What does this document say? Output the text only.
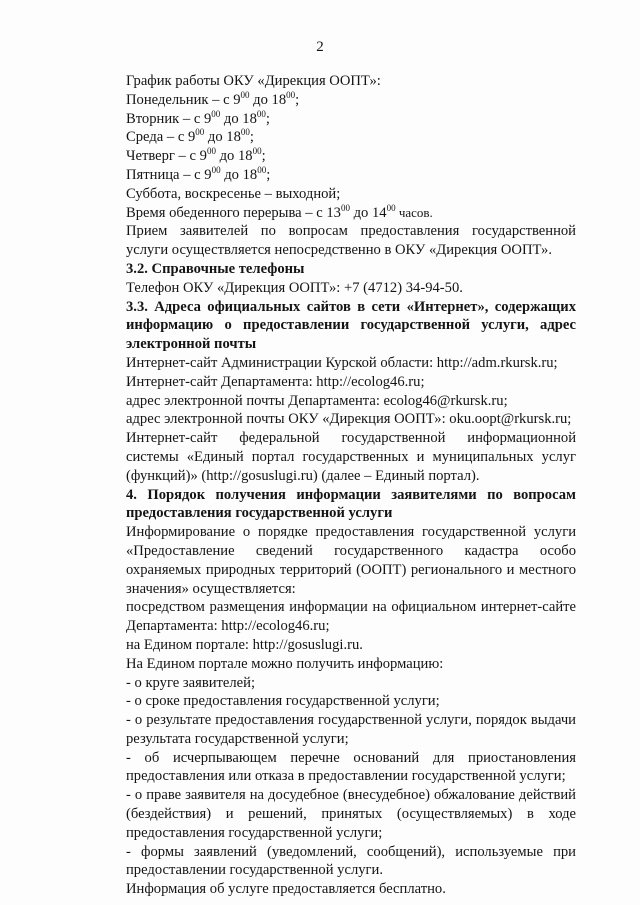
2

График работы ОКУ «Дирекция ООПТ»:

Понедельник – с $9^{00}$ до $18^{00}$;

Вторник – с $9^{00}$ до $18^{00}$;

Среда – с $9^{00}$ до $18^{00}$;

Четверг – с $9^{00}$ до $18^{00}$;

Пятница – с $9^{00}$ до $18^{00}$;

Суббота, воскресенье – выходной;

Время обеденного перерыва – с $13^{00}$ до $14^{00}$ часов.

Прием заявителей по вопросам предоставления государственной услуги осуществляется непосредственно в ОКУ «Дирекция ООПТ».

3.2. Справочные телефоны

Телефон ОКУ «Дирекция ООПТ»: +7 (4712) 34-94-50.

3.3. Адреса официальных сайтов в сети «Интернет», содержащих информацию о предоставлении государственной услуги, адрес электронной почты

Интернет-сайт Администрации Курской области: http://adm.rkursk.ru;

Интернет-сайт Департамента: http://ecolog46.ru;

адрес электронной почты Департамента: ecolog46@rkursk.ru;

адрес электронной почты ОКУ «Дирекция ООПТ»: oku.oopt@rkursk.ru;

Интернет-сайт федеральной государственной информационной системы «Единый портал государственных и муниципальных услуг (функций)» (http://gosuslugi.ru) (далее – Единый портал).

4. Порядок получения информации заявителями по вопросам предоставления государственной услуги

Информирование о порядке предоставления государственной услуги «Предоставление сведений государственного кадастра особо охраняемых природных территорий (ООПТ) регионального и местного значения» осуществляется:

посредством размещения информации на официальном интернет-сайте Департамента: http://ecolog46.ru;

на Едином портале: http://gosuslugi.ru.

На Едином портале можно получить информацию:

- о круге заявителей;

- о сроке предоставления государственной услуги;

- о результате предоставления государственной услуги, порядок выдачи результата государственной услуги;

- об исчерпывающем перечне оснований для приостановления предоставления или отказа в предоставлении государственной услуги;

- о праве заявителя на досудебное (внесудебное) обжалование действий (бездействия) и решений, принятых (осуществляемых) в ходе предоставления государственной услуги;

- формы заявлений (уведомлений, сообщений), используемые при предоставлении государственной услуги.

Информация об услуге предоставляется бесплатно.
